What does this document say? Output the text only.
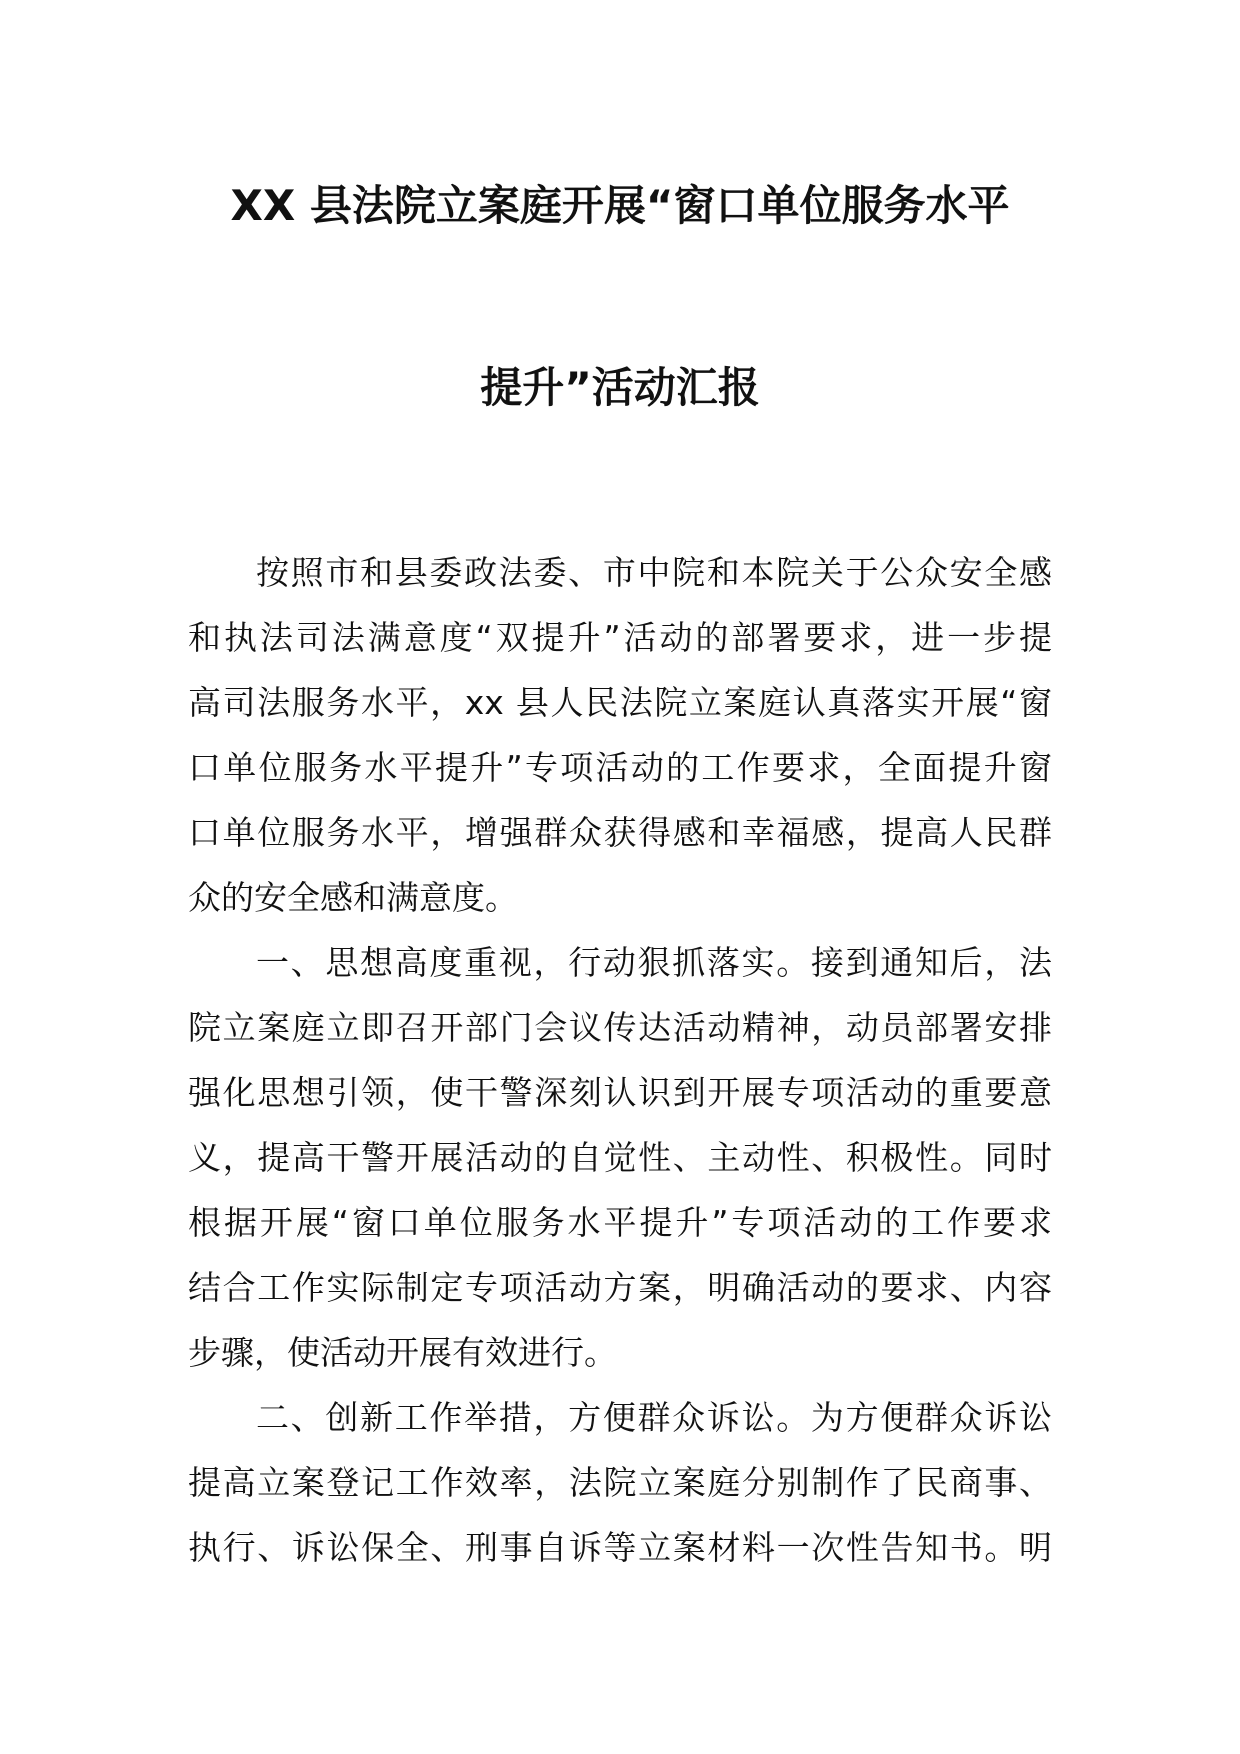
XX 县法院立案庭开展“窗口单位服务水平
提升”活动汇报
按照市和县委政法委、市中院和本院关于公众安全感
和执法司法满意度“双提升”活动的部署要求，进一步提
高司法服务水平，xx 县人民法院立案庭认真落实开展“窗
口单位服务水平提升”专项活动的工作要求，全面提升窗
口单位服务水平，增强群众获得感和幸福感，提高人民群
众的安全感和满意度。
一、思想高度重视，行动狠抓落实。接到通知后，法
院立案庭立即召开部门会议传达活动精神，动员部署安排
强化思想引领，使干警深刻认识到开展专项活动的重要意
义，提高干警开展活动的自觉性、主动性、积极性。同时
根据开展“窗口单位服务水平提升”专项活动的工作要求
结合工作实际制定专项活动方案，明确活动的要求、内容
步骤，使活动开展有效进行。
二、创新工作举措，方便群众诉讼。为方便群众诉讼
提高立案登记工作效率，法院立案庭分别制作了民商事、
执行、诉讼保全、刑事自诉等立案材料一次性告知书。明
